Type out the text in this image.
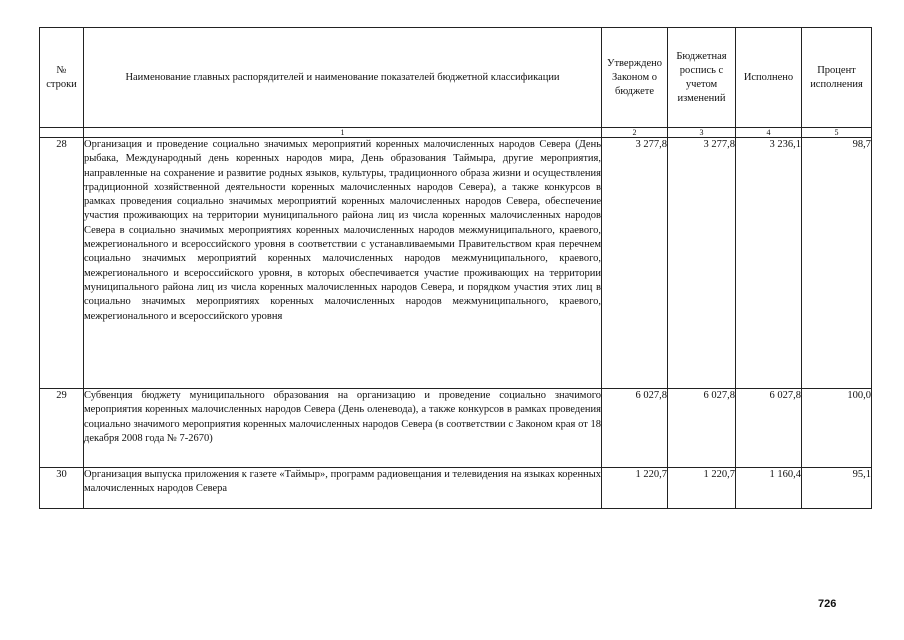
№ строки	Наименование главных распорядителей и наименование показателей бюджетной классификации	Утверждено Законом о бюджете	Бюджетная роспись с учетом изменений	Исполнено	Процент исполнения
	1	2	3	4	5
28	Организация и проведение социально значимых мероприятий коренных малочисленных народов Севера (День рыбака, Международный день коренных народов мира, День образования Таймыра, другие мероприятия, направленные на сохранение и развитие родных языков, культуры, традиционного образа жизни и осуществления традиционной хозяйственной деятельности коренных малочисленных народов Севера), а также конкурсов в рамках проведения социально значимых мероприятий коренных малочисленных народов Севера, обеспечение участия проживающих на территории муниципального района лиц из числа коренных малочисленных народов Севера в социально значимых мероприятиях коренных малочисленных народов межмуниципального, краевого, межрегионального и всероссийского уровня в соответствии с устанавливаемыми Правительством края перечнем социально значимых мероприятий коренных малочисленных народов межмуниципального, краевого, межрегионального и всероссийского уровня, в которых обеспечивается участие проживающих на территории муниципального района лиц из числа коренных малочисленных народов Севера, и порядком участия этих лиц в социально значимых мероприятиях коренных малочисленных народов межмуниципального, краевого, межрегионального и всероссийского уровня	3 277,8	3 277,8	3 236,1	98,7
29	Субвенция бюджету муниципального образования на организацию и проведение социально значимого мероприятия коренных малочисленных народов Севера (День оленевода), а также конкурсов в рамках проведения социально значимого мероприятия коренных малочисленных народов Севера (в соответствии с Законом края от 18 декабря 2008 года № 7-2670)	6 027,8	6 027,8	6 027,8	100,0
30	Организация выпуска приложения к газете «Таймыр», программ радиовещания и телевидения на языках коренных малочисленных народов Севера	1 220,7	1 220,7	1 160,4	95,1
726
